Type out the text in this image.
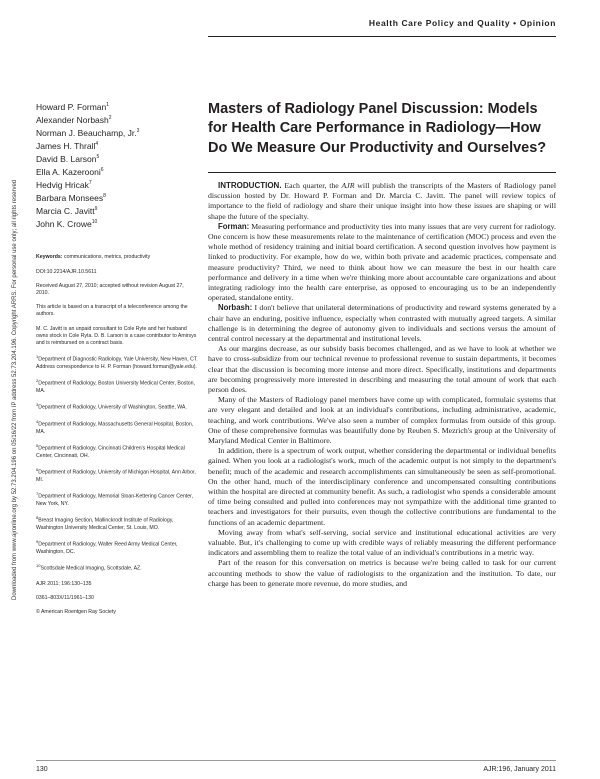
Downloaded from www.ajronline.org by 52.73.204.196 on 05/16/22 from IP address 52.73.204.196. Copyright ARRS. For personal use only; all rights reserved
Health Care Policy and Quality • Opinion
Howard P. Forman$^1$
Alexander Norbash$^2$
Norman J. Beauchamp, Jr.$^3$
James H. Thrall$^4$
David B. Larson$^5$
Ella A. Kazerooni$^6$
Hedvig Hricak$^7$
Barbara Monsees$^8$
Marcia C. Javitt$^9$
John K. Crowe$^{10}$

Keywords: communications, metrics, productivity

DOI:10.2214/AJR.10.5611

Received August 27, 2010; accepted without revision August 27, 2010.

This article is based on a transcript of a teleconference among the authors.

M. C. Javitt is an unpaid consultant to Cole Ryte and her husband owns stock in Cole Ryta. D. B. Larson is a case contributor to Amirsys and is reimbursed on a contract basis.

$^1$Department of Diagnostic Radiology, Yale University, New Haven, CT. Address correspondence to H. P. Forman (howard.forman@yale.edu).

$^2$Department of Radiology, Boston University Medical Center, Boston, MA.

$^3$Department of Radiology, University of Washington, Seattle, WA.

$^4$Department of Radiology, Massachusetts General Hospital, Boston, MA.

$^5$Department of Radiology, Cincinnati Children's Hospital Medical Center, Cincinnati, OH.

$^6$Department of Radiology, University of Michigan Hospital, Ann Arbor, MI.

$^7$Department of Radiology, Memorial Sloan-Kettering Cancer Center, New York, NY.

$^8$Breast Imaging Section, Mallinckrodt Institute of Radiology, Washington University Medical Center, St. Louis, MO.

$^9$Department of Radiology, Walter Reed Army Medical Center, Washington, DC.

$^{10}$Scottsdale Medical Imaging, Scottsdale, AZ.

AJR 2011; 196:130–135

0361–803X/11/1961–130

© American Roentgen Ray Society

Masters of Radiology Panel Discussion: Models for Health Care Performance in Radiology—How Do We Measure Our Productivity and Ourselves?

INTRODUCTION. Each quarter, the AJR will publish the transcripts of the Masters of Radiology panel discussion hosted by Dr. Howard P. Forman and Dr. Marcia C. Javitt. The panel will review topics of importance to the field of radiology and share their unique insight into how these issues are shaping or will shape the future of the specialty.

Forman: Measuring performance and productivity ties into many issues that are very current for radiology. One concern is how these measurements relate to the maintenance of certification (MOC) process and even the whole method of residency training and initial board certification. A second question involves how payment is linked to productivity. For example, how do we, within both private and academic practices, compensate and measure productivity? Third, we need to think about how we can measure the best in our health care performance and delivery in a time when we're thinking more about accountable care organizations and about integrating radiology into the health care enterprise, as opposed to encouraging us to be an independently operated, standalone entity.

Norbash: I don't believe that unilateral determinations of productivity and reward systems generated by a chair have an enduring, positive influence, especially when contrasted with mutually agreed targets. A similar challenge is in determining the degree of autonomy given to individuals and sections versus the amount of central control necessary at the departmental and institutional levels.

As our margins decrease, as our subsidy basis becomes challenged, and as we have to look at whether we have to cross-subsidize from our technical revenue to professional revenue to sustain departments, it becomes clear that the discussion is becoming more intense and more direct. Specifically, institutions and departments are becoming progressively more interested in describing and measuring the total amount of work that each person does.

Many of the Masters of Radiology panel members have come up with complicated, formulaic systems that are very elegant and detailed and look at an individual's contributions, including administrative, academic, teaching, and work contributions. We've also seen a number of complex formulas from outside of this group. One of these comprehensive formulas was beautifully done by Reuben S. Mezrich's group at the University of Maryland Medical Center in Baltimore.

In addition, there is a spectrum of work output, whether considering the departmental or individual benefits gained. When you look at a radiologist's work, much of the academic output is not simply to the department's benefit; much of the academic and research accomplishments can simultaneously be seen as self-promotional. On the other hand, much of the interdisciplinary conference and uncompensated consulting contributions within the hospital are directed at community benefit. As such, a radiologist who spends a considerable amount of time being consulted and pulled into conferences may not sympathize with the additional time granted to teachers and investigators for their pursuits, even though the collective contributions are fundamental to the functions of an academic department.

Moving away from what's self-serving, social service and institutional educational activities are very valuable. But, it's challenging to come up with credible ways of reliably measuring the different performance indicators and assembling them to realize the total value of an individual's contributions in a metric way.

Part of the reason for this conversation on metrics is because we're being called to task for our current accounting methods to show the value of radiologists to the organization and the institution. To date, our charge has been to generate more revenue, do more studies, and

130	AJR:196, January 2011
